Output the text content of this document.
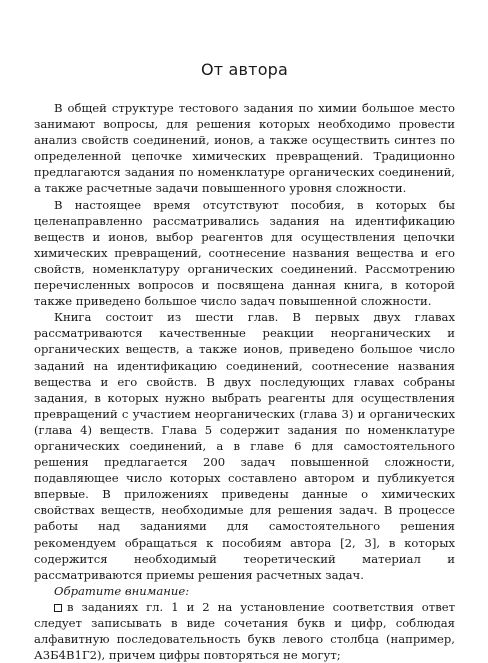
От автора

В общей структуре тестового задания по химии большое место занимают вопросы, для решения которых необходимо провести анализ свойств соединений, ионов, а также осуществить синтез по определенной цепочке химических превращений. Традиционно предлагаются задания по номенклатуре органических соединений, а также расчетные задачи повышенного уровня сложности.

В настоящее время отсутствуют пособия, в которых бы целенаправленно рассматривались задания на идентификацию веществ и ионов, выбор реагентов для осуществления цепочки химических превращений, соотнесение названия вещества и его свойств, номенклатуру органических соединений. Рассмотрению перечисленных вопросов и посвящена данная книга, в которой также приведено большое число задач повышенной сложности.

Книга состоит из шести глав. В первых двух главах рассматриваются качественные реакции неорганических и органических веществ, а также ионов, приведено большое число заданий на идентификацию соединений, соотнесение названия вещества и его свойств. В двух последующих главах собраны задания, в которых нужно выбрать реагенты для осуществления превращений с участием неорганических (глава 3) и органических (глава 4) веществ. Глава 5 содержит задания по номенклатуре органических соединений, а в главе 6 для самостоятельного решения предлагается 200 задач повышенной сложности, подавляющее число которых составлено автором и публикуется впервые. В приложениях приведены данные о химических свойствах веществ, необходимые для решения задач. В процессе работы над заданиями для самостоятельного решения рекомендуем обращаться к пособиям автора [2, 3], в которых содержится необходимый теоретический материал и рассматриваются приемы решения расчетных задач.

Обратите внимание:

в заданиях гл. 1 и 2 на установление соответствия ответ следует записывать в виде сочетания букв и цифр, соблюдая алфавитную последовательность букв левого столбца (например, А3Б4В1Г2), причем цифры повторяться не могут;
